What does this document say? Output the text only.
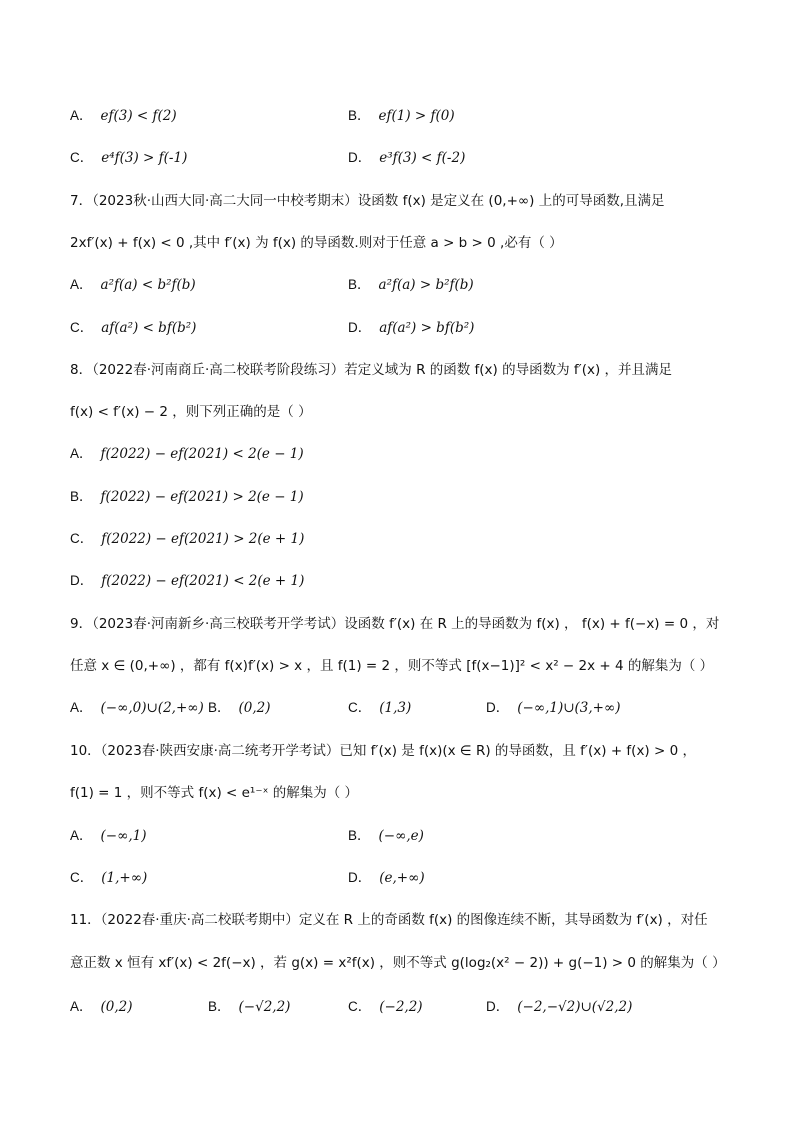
A． ef(3) < f(2)	B． ef(1) > f(0)
C． e⁴f(3) > f(-1)	D． e³f(3) < f(-2)
7．（2023秋·山西大同·高二大同一中校考期末）设函数 f(x) 是定义在 (0,+∞) 上的可导函数,且满足
2xf′(x) + f(x) < 0 ,其中 f′(x) 为 f(x) 的导函数.则对于任意 a > b > 0 ,必有（ ）
A． a²f(a) < b²f(b)	B． a²f(a) > b²f(b)
C． af(a²) < bf(b²)	D． af(a²) > bf(b²)
8．（2022春·河南商丘·高二校联考阶段练习）若定义域为 R 的函数 f(x) 的导函数为 f′(x) ，并且满足
f(x) < f′(x) − 2 ，则下列正确的是（ ）
A． f(2022) − ef(2021) < 2(e − 1)
B． f(2022) − ef(2021) > 2(e − 1)
C． f(2022) − ef(2021) > 2(e + 1)
D． f(2022) − ef(2021) < 2(e + 1)
9．（2023春·河南新乡·高三校联考开学考试）设函数 f′(x) 在 R 上的导函数为 f(x) ， f(x) + f(−x) = 0 ，对
任意 x ∈ (0,+∞) ，都有 f(x)f′(x) > x ，且 f(1) = 2 ，则不等式 [f(x−1)]² < x² − 2x + 4 的解集为（ ）
A． (−∞,0)∪(2,+∞) B． (0,2)	C． (1,3)	D． (−∞,1)∪(3,+∞)
10．（2023春·陕西安康·高二统考开学考试）已知 f′(x) 是 f(x)(x ∈ R) 的导函数，且 f′(x) + f(x) > 0 ，
f(1) = 1 ，则不等式 f(x) < e¹⁻ˣ 的解集为（ ）
A． (−∞,1)	B． (−∞,e)
C． (1,+∞)	D． (e,+∞)
11．（2022春·重庆·高二校联考期中）定义在 R 上的奇函数 f(x) 的图像连续不断，其导函数为 f′(x) ，对任
意正数 x 恒有 xf′(x) < 2f(−x) ，若 g(x) = x²f(x) ，则不等式 g(log₂(x² − 2)) + g(−1) > 0 的解集为（ ）
A． (0,2)	B． (−√2,2)	C． (−2,2)	D． (−2,−√2)∪(√2,2)
